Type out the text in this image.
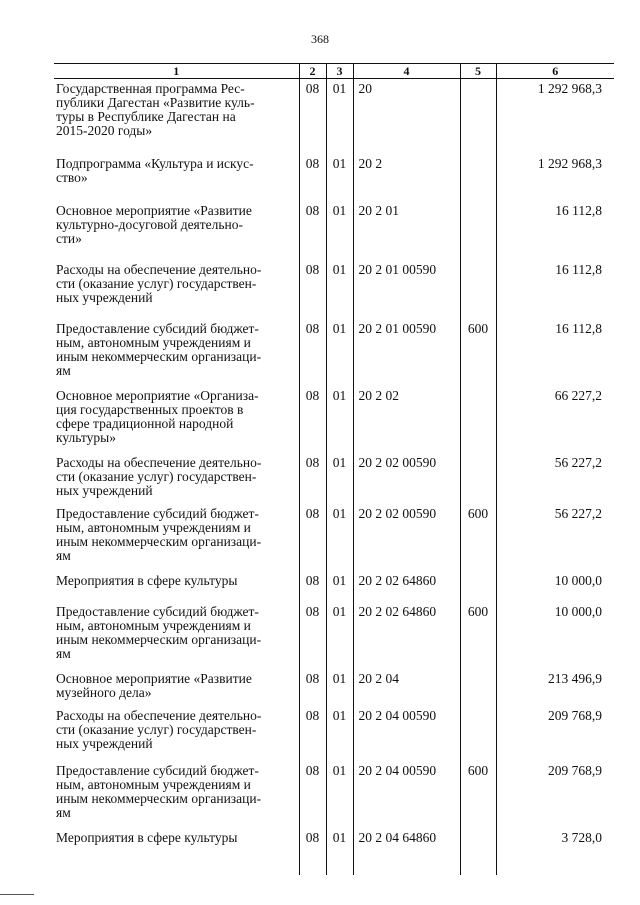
368
1	2	3	4	5	6
Государственная программа Рес-
публики Дагестан «Развитие куль-
туры в Республике Дагестан на
2015-2020 годы»	08	01	20		1 292 968,3
Подпрограмма «Культура и искус-
ство»	08	01	20 2		1 292 968,3
Основное мероприятие «Развитие
культурно-досуговой деятельно-
сти»	08	01	20 2 01		16 112,8
Расходы на обеспечение деятельно-
сти (оказание услуг) государствен-
ных учреждений	08	01	20 2 01 00590		16 112,8
Предоставление субсидий бюджет-
ным, автономным учреждениям и
иным некоммерческим организаци-
ям	08	01	20 2 01 00590	600	16 112,8
Основное мероприятие «Организа-
ция государственных проектов в
сфере традиционной народной
культуры»	08	01	20 2 02		66 227,2
Расходы на обеспечение деятельно-
сти (оказание услуг) государствен-
ных учреждений	08	01	20 2 02 00590		56 227,2
Предоставление субсидий бюджет-
ным, автономным учреждениям и
иным некоммерческим организаци-
ям	08	01	20 2 02 00590	600	56 227,2
Мероприятия в сфере культуры	08	01	20 2 02 64860		10 000,0
Предоставление субсидий бюджет-
ным, автономным учреждениям и
иным некоммерческим организаци-
ям	08	01	20 2 02 64860	600	10 000,0
Основное мероприятие «Развитие
музейного дела»	08	01	20 2 04		213 496,9
Расходы на обеспечение деятельно-
сти (оказание услуг) государствен-
ных учреждений	08	01	20 2 04 00590		209 768,9
Предоставление субсидий бюджет-
ным, автономным учреждениям и
иным некоммерческим организаци-
ям	08	01	20 2 04 00590	600	209 768,9
Мероприятия в сфере культуры	08	01	20 2 04 64860		3 728,0
